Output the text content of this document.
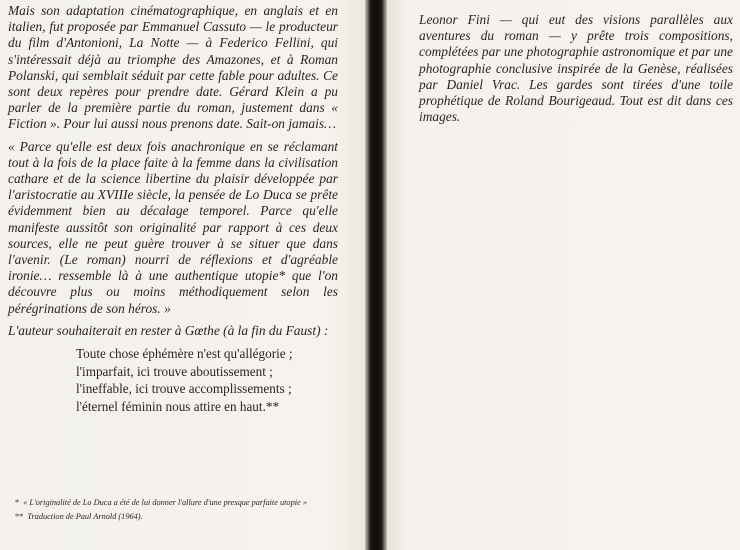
Mais son adaptation cinématographique, en anglais et en italien, fut proposée par Emmanuel Cassuto — le producteur du film d'Antonioni, La Notte — à Federico Fellini, qui s'intéressait déjà au triomphe des Amazones, et à Roman Polanski, qui semblait séduit par cette fable pour adultes. Ce sont deux repères pour prendre date. Gérard Klein a pu parler de la première partie du roman, justement dans « Fiction ». Pour lui aussi nous prenons date. Sait-on jamais…

« Parce qu'elle est deux fois anachronique en se réclamant tout à la fois de la place faite à la femme dans la civilisation cathare et de la science libertine du plaisir développée par l'aristocratie au XVIIIe siècle, la pensée de Lo Duca se prête évidemment bien au décalage temporel. Parce qu'elle manifeste aussitôt son originalité par rapport à ces deux sources, elle ne peut guère trouver à se situer que dans l'avenir. (Le roman) nourri de réflexions et d'agréable ironie… ressemble là à une authentique utopie* que l'on découvre plus ou moins méthodiquement selon les pérégrinations de son héros. »

L'auteur souhaiterait en rester à Gœthe (à la fin du Faust) :

Toute chose éphémère n'est qu'allégorie ;
l'imparfait, ici trouve aboutissement ;
l'ineffable, ici trouve accomplissements ;
l'éternel féminin nous attire en haut.**

* « L'originalité de Lo Duca a été de lui donner l'allure d'une presque parfaite utopie »

** Traduction de Paul Arnold (1964).

Leonor Fini — qui eut des visions parallèles aux aventures du roman — y prête trois compositions, complétées par une photographie astronomique et par une photographie conclusive inspirée de la Genèse, réalisées par Daniel Vrac. Les gardes sont tirées d'une toile prophétique de Roland Bourigeaud. Tout est dit dans ces images.
